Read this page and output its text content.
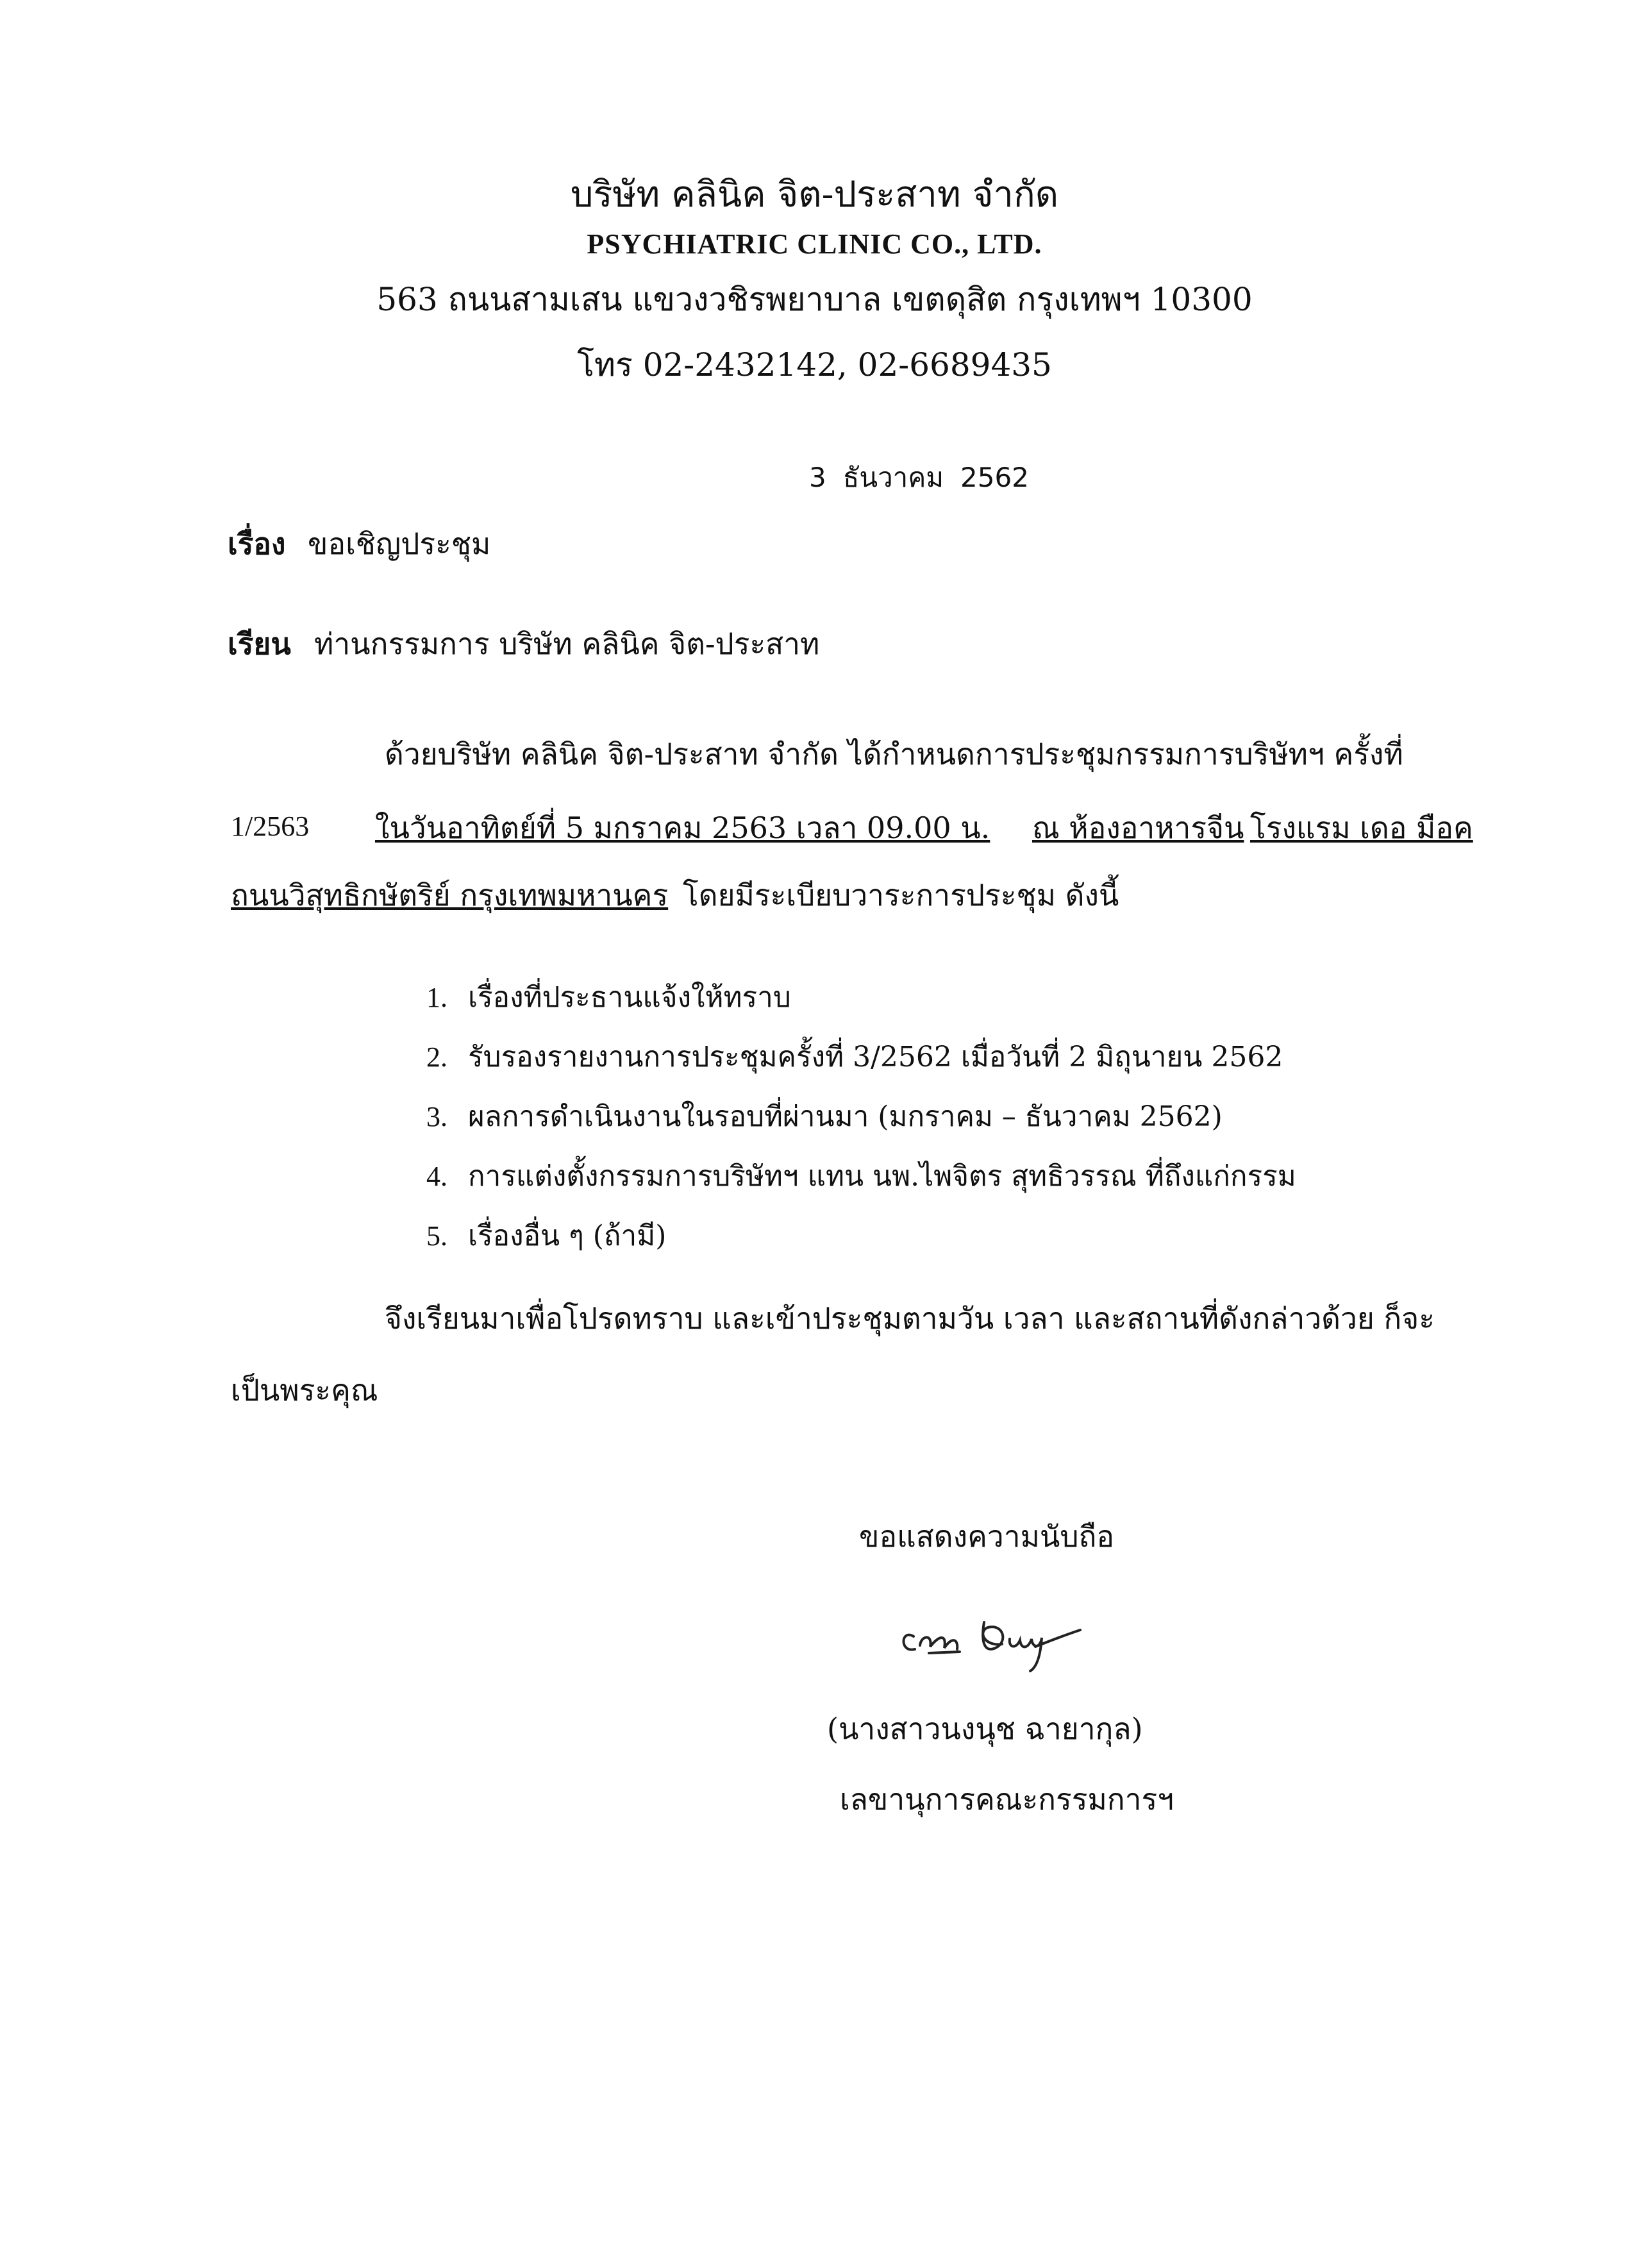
บริษัท คลินิค จิต-ประสาท จำกัด
PSYCHIATRIC CLINIC CO., LTD.
563 ถนนสามเสน แขวงวชิรพยาบาล เขตดุสิต กรุงเทพฯ 10300
โทร 02-2432142, 02-6689435
3 ธันวาคม 2562
เรื่อง ขอเชิญประชุม
เรียน ท่านกรรมการ บริษัท คลินิค จิต-ประสาท
ด้วยบริษัท คลินิค จิต-ประสาท จำกัด ได้กำหนดการประชุมกรรมการบริษัทฯ ครั้งที่
1/2563 ในวันอาทิตย์ที่ 5 มกราคม 2563 เวลา 09.00 น. ณ ห้องอาหารจีน โรงแรม เดอ มือค
ถนนวิสุทธิกษัตริย์ กรุงเทพมหานคร โดยมีระเบียบวาระการประชุม ดังนี้
1. เรื่องที่ประธานแจ้งให้ทราบ
2. รับรองรายงานการประชุมครั้งที่ 3/2562 เมื่อวันที่ 2 มิถุนายน 2562
3. ผลการดำเนินงานในรอบที่ผ่านมา (มกราคม – ธันวาคม 2562)
4. การแต่งตั้งกรรมการบริษัทฯ แทน นพ.ไพจิตร สุทธิวรรณ ที่ถึงแก่กรรม
5. เรื่องอื่น ๆ (ถ้ามี)
จึงเรียนมาเพื่อโปรดทราบ และเข้าประชุมตามวัน เวลา และสถานที่ดังกล่าวด้วย ก็จะ
เป็นพระคุณ
ขอแสดงความนับถือ
(นางสาวนงนุช ฉายากุล)
เลขานุการคณะกรรมการฯ
